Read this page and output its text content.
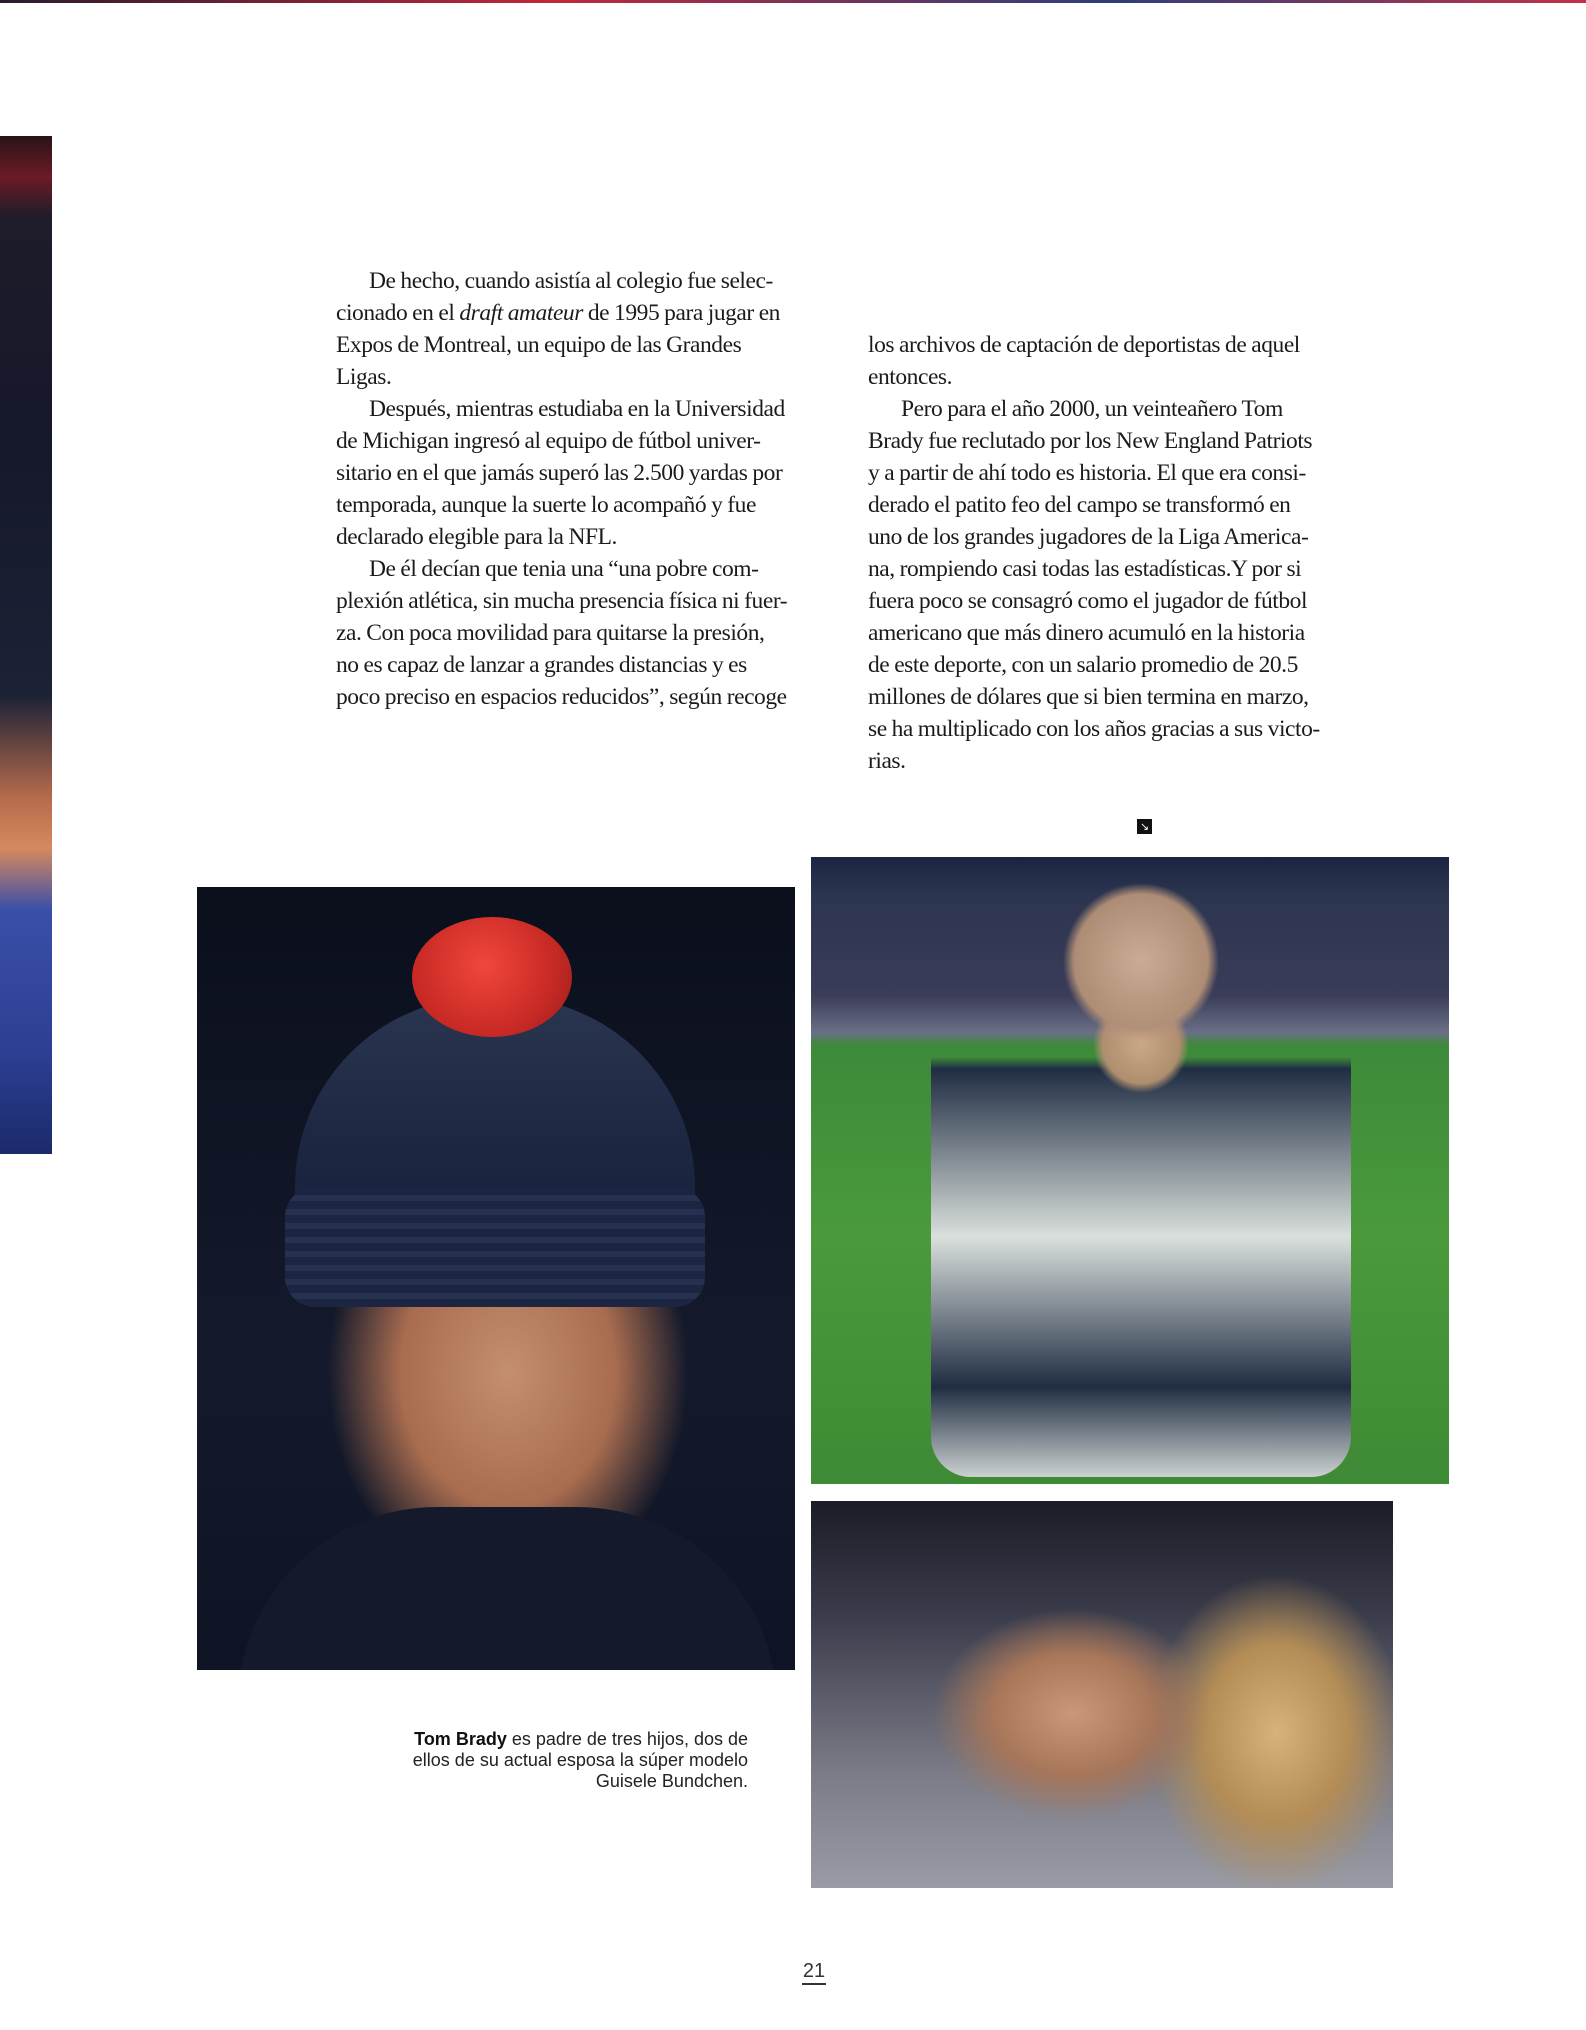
De hecho, cuando asistía al colegio fue selec-
cionado en el draft amateur de 1995 para jugar en
Expos de Montreal, un equipo de las Grandes
Ligas.

Después, mientras estudiaba en la Universidad
de Michigan ingresó al equipo de fútbol univer-
sitario en el que jamás superó las 2.500 yardas por
temporada, aunque la suerte lo acompañó y fue
declarado elegible para la NFL.

De él decían que tenia una “una pobre com-
plexión atlética, sin mucha presencia física ni fuer-
za. Con poca movilidad para quitarse la presión,
no es capaz de lanzar a grandes distancias y es
poco preciso en espacios reducidos”, según recoge

los archivos de captación de deportistas de aquel
entonces.

Pero para el año 2000, un veinteañero Tom
Brady fue reclutado por los New England Patriots
y a partir de ahí todo es historia. El que era consi-
derado el patito feo del campo se transformó en
uno de los grandes jugadores de la Liga America-
na, rompiendo casi todas las estadísticas.Y por si
fuera poco se consagró como el jugador de fútbol
americano que más dinero acumuló en la historia
de este deporte, con un salario promedio de 20.5
millones de dólares que si bien termina en marzo,
se ha multiplicado con los años gracias a sus victo-
rias.

↘
Tom Brady es padre de tres hijos, dos de
ellos de su actual esposa la súper modelo
Guisele Bundchen.
21
